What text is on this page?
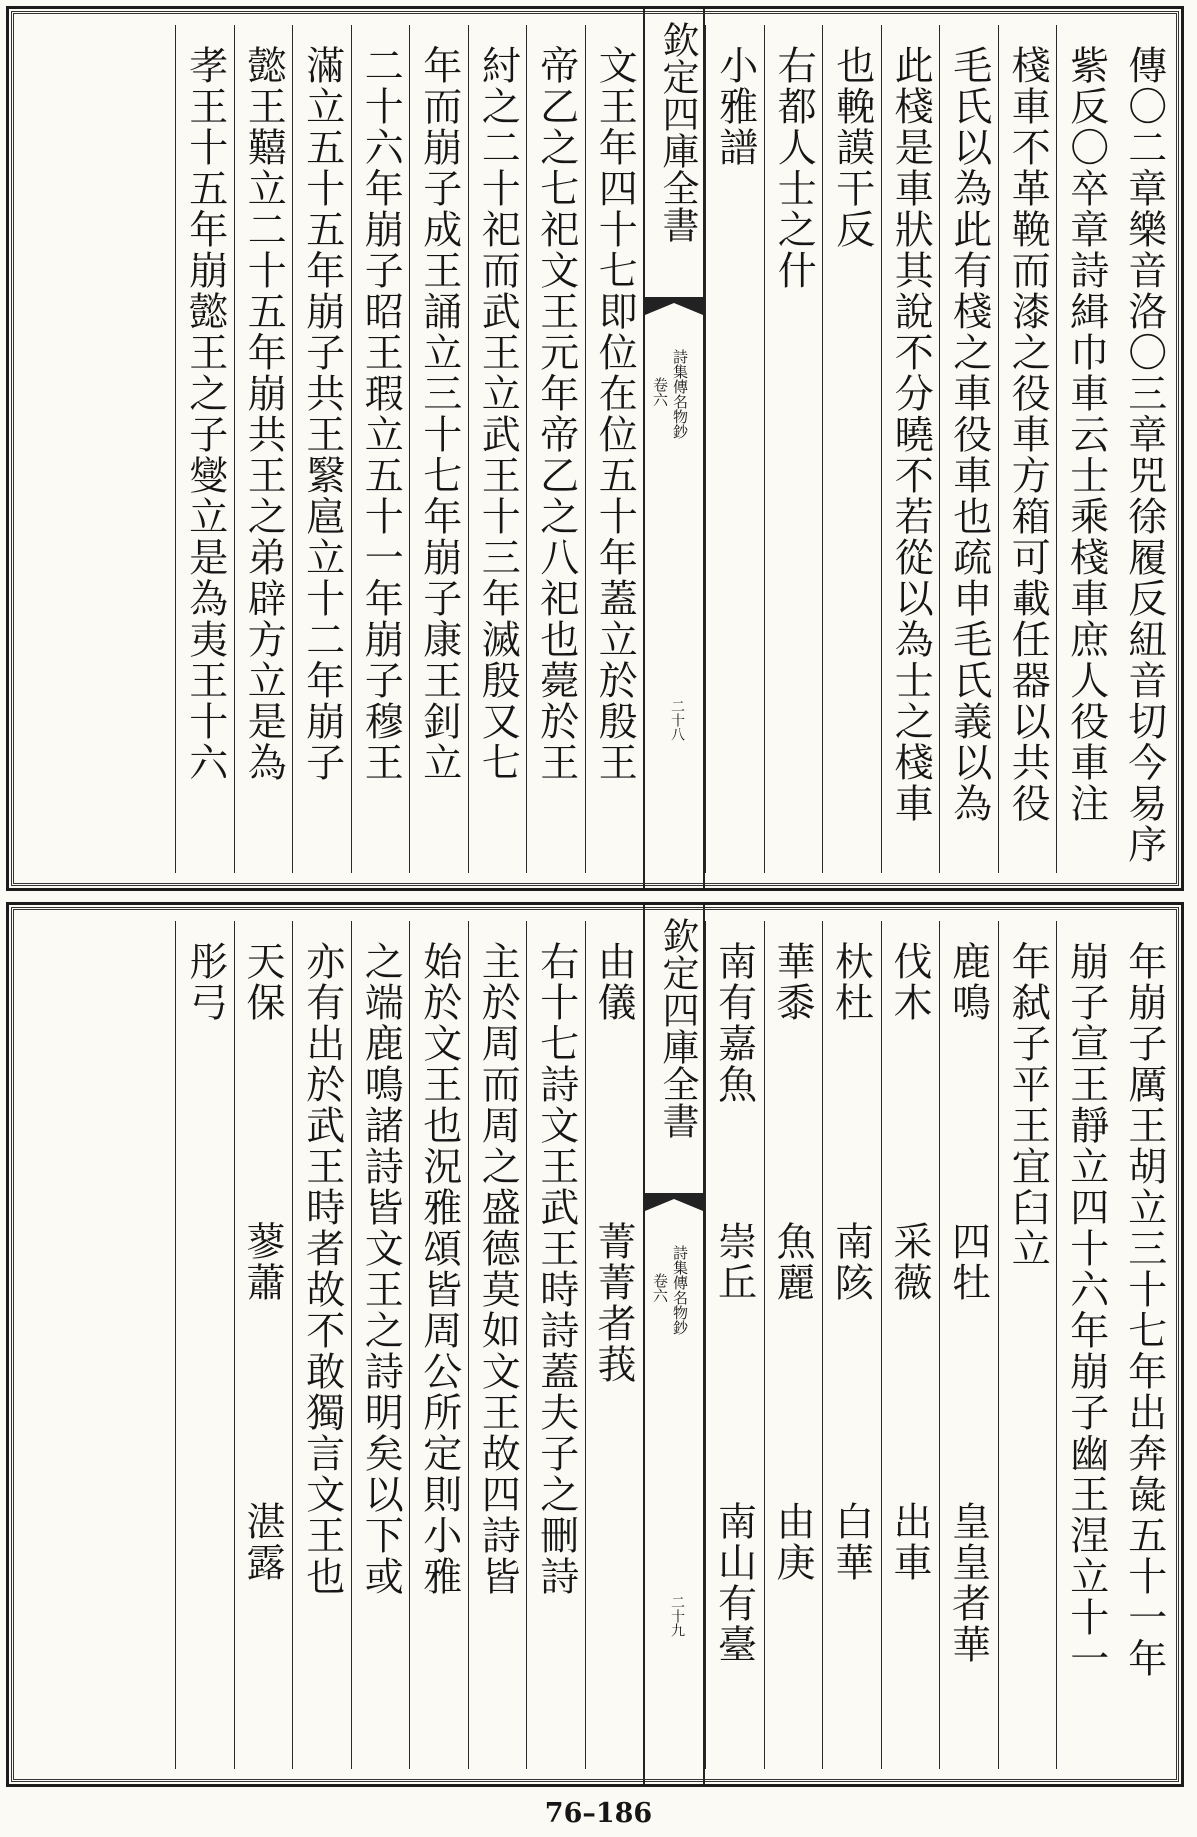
傳〇二章樂音洛〇三章兕徐履反紐音切今易序
紫反〇卒章詩緝巾車云士乘棧車庶人役車注
棧車不革鞔而漆之役車方箱可載任器以共役
毛氏以為此有棧之車役車也疏申毛氏義以為
此棧是車狀其說不分曉不若從以為士之棧車
也輓謨干反
右都人士之什
小雅譜
文王年四十七即位在位五十年蓋立於殷王
帝乙之七祀文王元年帝乙之八祀也薨於王
紂之二十祀而武王立武王十三年滅殷又七
年而崩子成王誦立三十七年崩子康王釗立
二十六年崩子昭王瑕立五十一年崩子穆王
滿立五十五年崩子共王繄扈立十二年崩子
懿王囏立二十五年崩共王之弟辟方立是為
孝王十五年崩懿王之子燮立是為夷王十六	欽定四庫全書
卷六 詩集傳名物鈔
二十八
年崩子厲王胡立三十七年出奔彘五十一年
崩子宣王靜立四十六年崩子幽王涅立十一
年弑子平王宜臼立
鹿鳴
四牡
皇皇者華
伐木
采薇
出車
杕杜
南陔
白華
華黍
魚麗
由庚
南有嘉魚
崇丘
南山有臺
由儀
菁菁者莪
右十七詩文王武王時詩蓋夫子之刪詩
主於周而周之盛德莫如文王故四詩皆
始於文王也況雅頌皆周公所定則小雅
之端鹿鳴諸詩皆文王之詩明矣以下或
亦有出於武王時者故不敢獨言文王也
天保
蓼蕭
湛露
彤弓	欽定四庫全書
卷六 詩集傳名物鈔
二十九
76–186
